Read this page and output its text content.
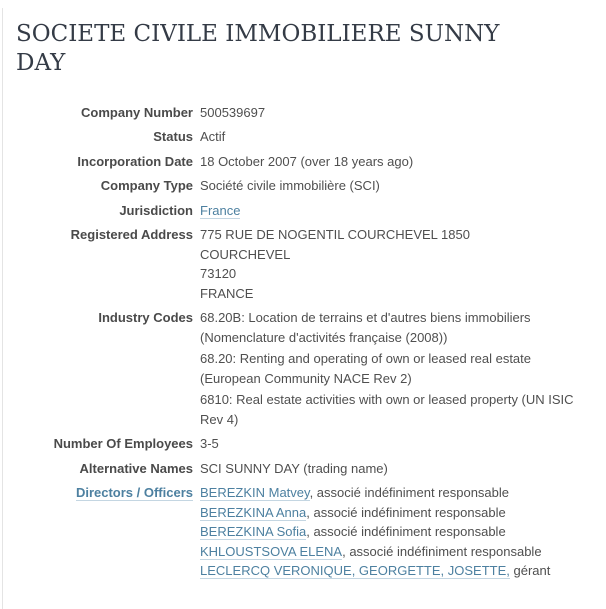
SOCIETE CIVILE IMMOBILIERE SUNNY DAY
Company Number 500539697
Status Actif
Incorporation Date 18 October 2007 (over 18 years ago)
Company Type Société civile immobilière (SCI)
Jurisdiction France
Registered Address 775 RUE DE NOGENTIL COURCHEVEL 1850
COURCHEVEL
73120
FRANCE
Industry Codes 68.20B: Location de terrains et d'autres biens immobiliers (Nomenclature d'activités française (2008))
68.20: Renting and operating of own or leased real estate (European Community NACE Rev 2)
6810: Real estate activities with own or leased property (UN ISIC Rev 4)
Number Of Employees 3-5
Alternative Names SCI SUNNY DAY (trading name)
Directors / Officers BEREZKIN Matvey, associé indéfiniment responsable
BEREZKINA Anna, associé indéfiniment responsable
BEREZKINA Sofia, associé indéfiniment responsable
KHLOUSTSOVA ELENA, associé indéfiniment responsable
LECLERCQ VERONIQUE, GEORGETTE, JOSETTE, gérant
